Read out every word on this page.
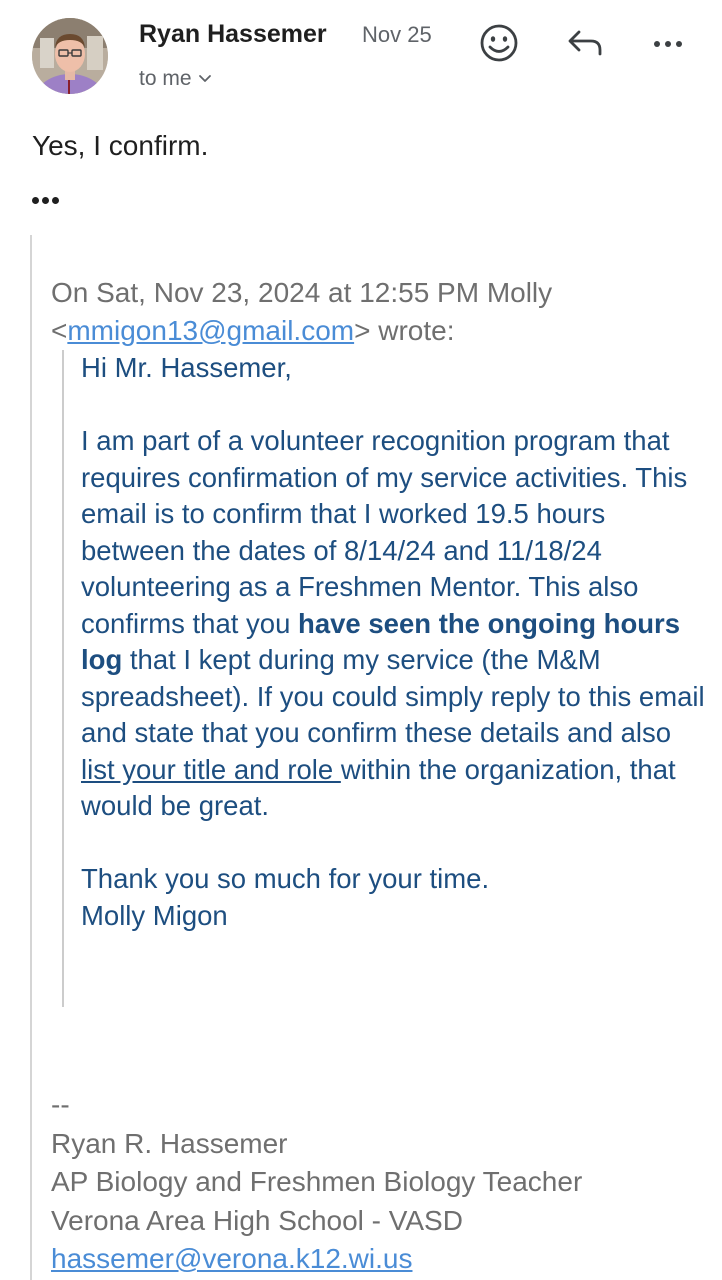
Ryan Hassemer Nov 25
to me
Yes, I confirm.
On Sat, Nov 23, 2024 at 12:55 PM Molly
<mmigon13@gmail.com> wrote:

Hi Mr. Hassemer,

I am part of a volunteer recognition program that requires confirmation of my service activities. This email is to confirm that I worked 19.5 hours between the dates of 8/14/24 and 11/18/24 volunteering as a Freshmen Mentor. This also confirms that you have seen the ongoing hours log that I kept during my service (the M&M spreadsheet). If you could simply reply to this email and state that you confirm these details and also list your title and role within the organization, that would be great.

Thank you so much for your time.

Molly Migon

--
Ryan R. Hassemer
AP Biology and Freshmen Biology Teacher
Verona Area High School - VASD
hassemer@verona.k12.wi.us
